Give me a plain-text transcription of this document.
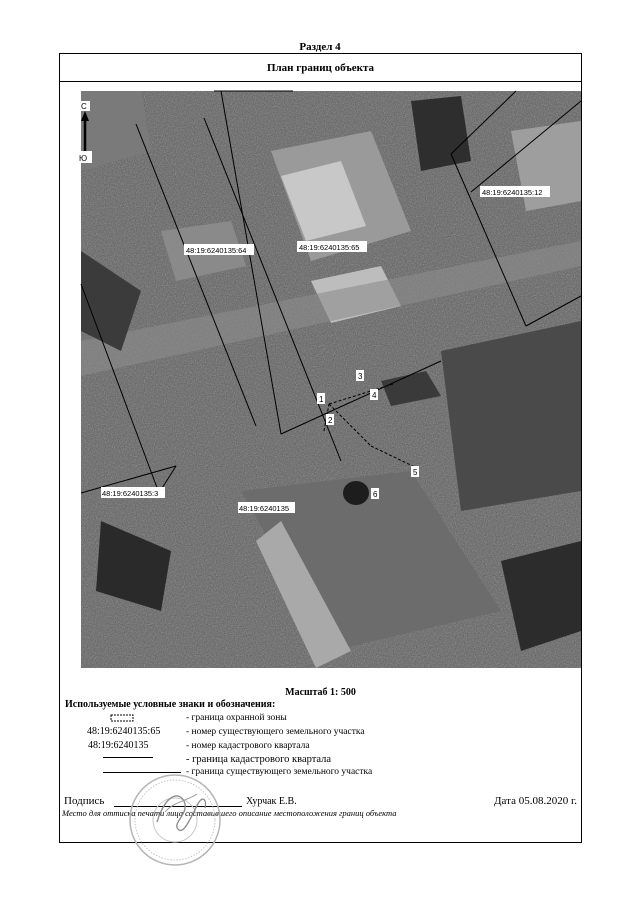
Раздел 4
План границ объекта
С
Ю
48:19:6240135:12
48:19:6240135:64	48:19:6240135:65
48:19:6240135:3
48:19:6240135
1
2
3
4
5
6
Масштаб 1: 500
Используемые условные знаки и обозначения:
- граница охранной зоны
48:19:6240135:65	- номер существующего земельного участка
48:19:6240135	- номер кадастрового квартала
- граница кадастрового квартала
- граница существующего земельного участка
Подпись	Хурчак Е.В.	Дата 05.08.2020 г.
Место для оттиска печати лица составившего описание местоположения границ объекта
